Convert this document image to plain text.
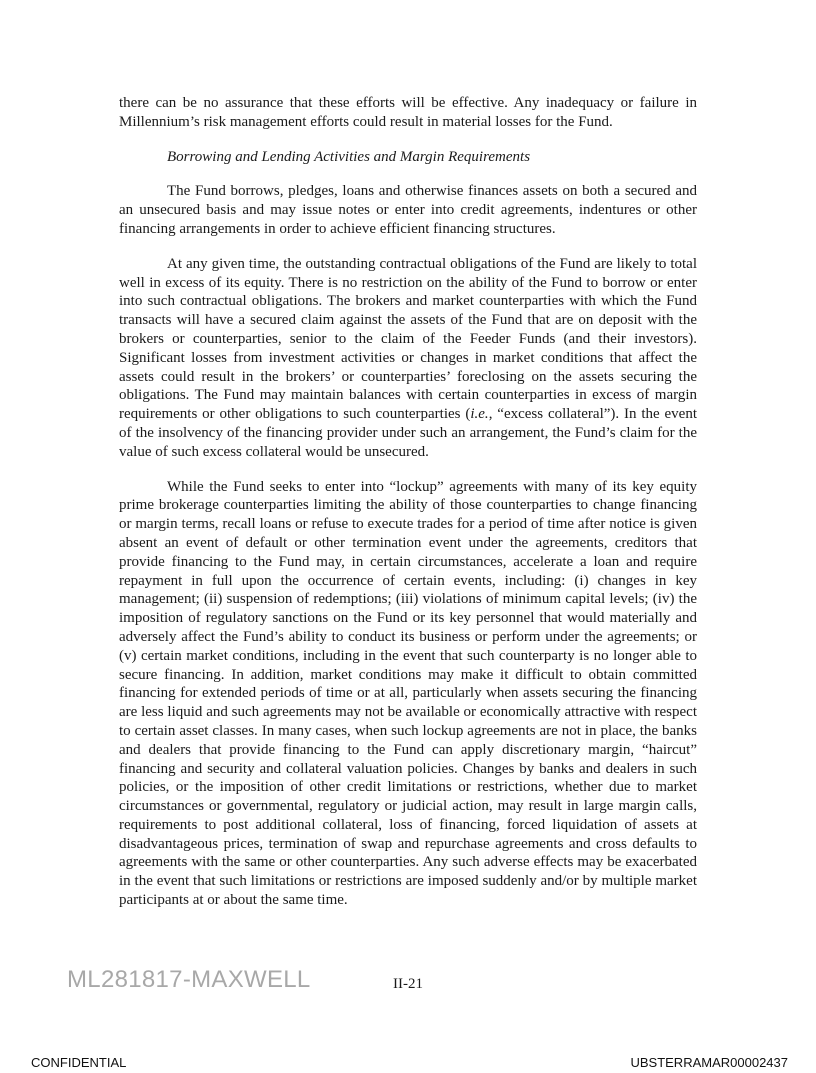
there can be no assurance that these efforts will be effective. Any inadequacy or failure in Millennium’s risk management efforts could result in material losses for the Fund.

Borrowing and Lending Activities and Margin Requirements

The Fund borrows, pledges, loans and otherwise finances assets on both a secured and an unsecured basis and may issue notes or enter into credit agreements, indentures or other financing arrangements in order to achieve efficient financing structures.

At any given time, the outstanding contractual obligations of the Fund are likely to total well in excess of its equity. There is no restriction on the ability of the Fund to borrow or enter into such contractual obligations. The brokers and market counterparties with which the Fund transacts will have a secured claim against the assets of the Fund that are on deposit with the brokers or counterparties, senior to the claim of the Feeder Funds (and their investors). Significant losses from investment activities or changes in market conditions that affect the assets could result in the brokers’ or counterparties’ foreclosing on the assets securing the obligations. The Fund may maintain balances with certain counterparties in excess of margin requirements or other obligations to such counterparties (i.e., “excess collateral”). In the event of the insolvency of the financing provider under such an arrangement, the Fund’s claim for the value of such excess collateral would be unsecured.

While the Fund seeks to enter into “lockup” agreements with many of its key equity prime brokerage counterparties limiting the ability of those counterparties to change financing or margin terms, recall loans or refuse to execute trades for a period of time after notice is given absent an event of default or other termination event under the agreements, creditors that provide financing to the Fund may, in certain circumstances, accelerate a loan and require repayment in full upon the occurrence of certain events, including: (i) changes in key management; (ii) suspension of redemptions; (iii) violations of minimum capital levels; (iv) the imposition of regulatory sanctions on the Fund or its key personnel that would materially and adversely affect the Fund’s ability to conduct its business or perform under the agreements; or (v) certain market conditions, including in the event that such counterparty is no longer able to secure financing. In addition, market conditions may make it difficult to obtain committed financing for extended periods of time or at all, particularly when assets securing the financing are less liquid and such agreements may not be available or economically attractive with respect to certain asset classes. In many cases, when such lockup agreements are not in place, the banks and dealers that provide financing to the Fund can apply discretionary margin, “haircut” financing and security and collateral valuation policies. Changes by banks and dealers in such policies, or the imposition of other credit limitations or restrictions, whether due to market circumstances or governmental, regulatory or judicial action, may result in large margin calls, requirements to post additional collateral, loss of financing, forced liquidation of assets at disadvantageous prices, termination of swap and repurchase agreements and cross defaults to agreements with the same or other counterparties. Any such adverse effects may be exacerbated in the event that such limitations or restrictions are imposed suddenly and/or by multiple market participants at or about the same time.

ML281817-MAXWELL	II-21
CONFIDENTIAL	UBSTERRAMAR00002437
